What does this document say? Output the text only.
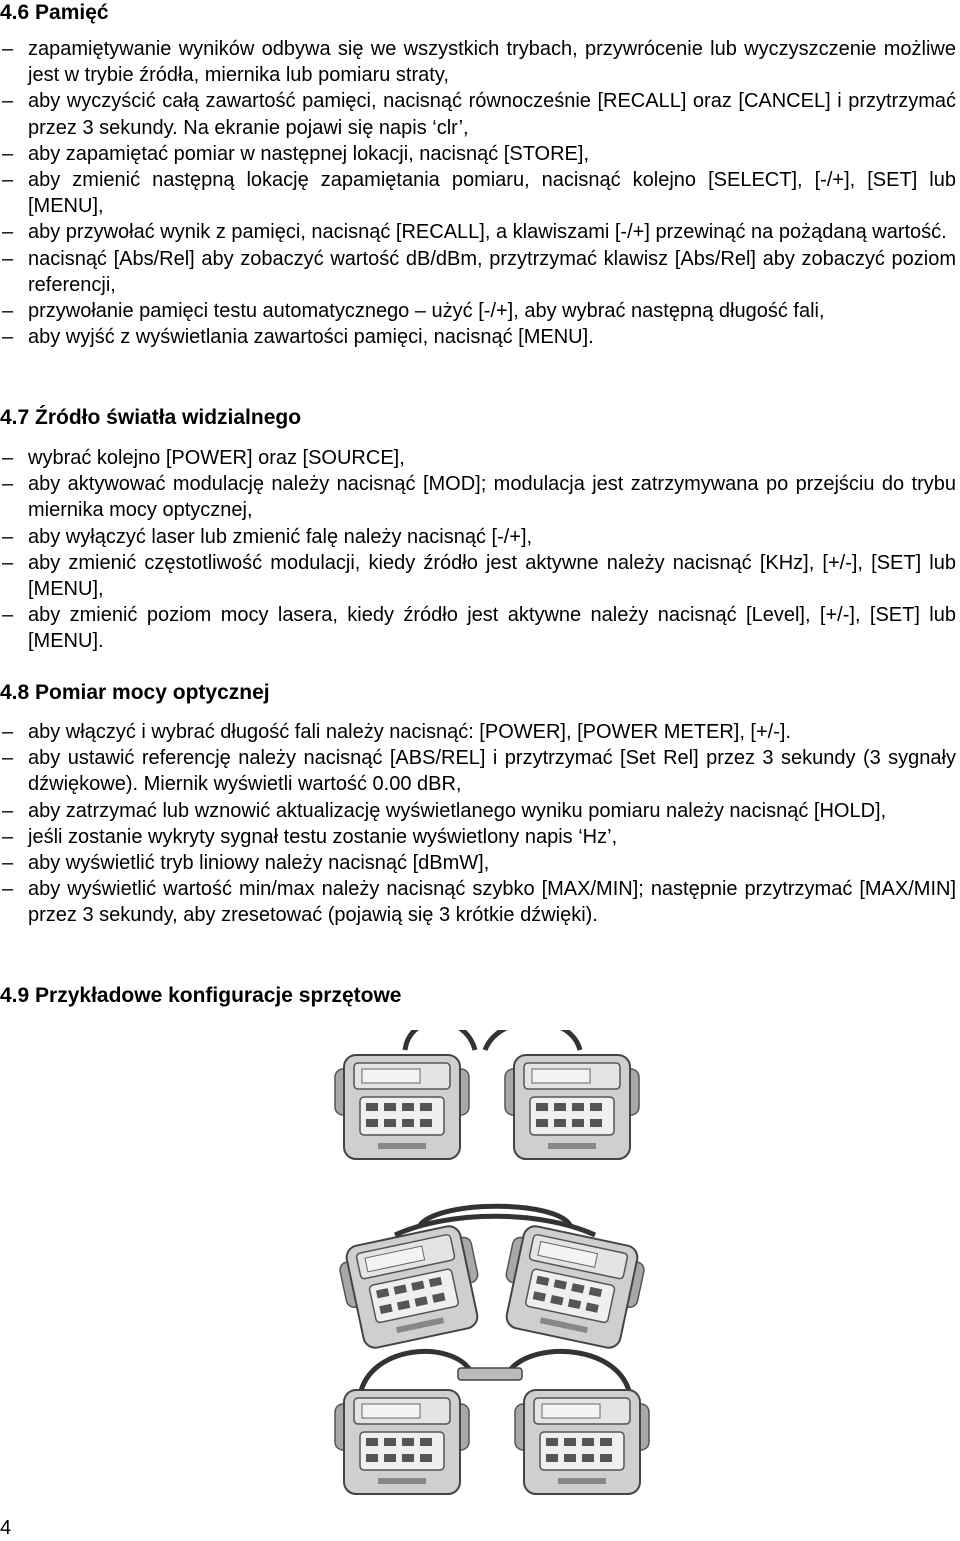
4.6 Pamięć
– zapamiętywanie wyników odbywa się we wszystkich trybach, przywrócenie lub wyczyszczenie możliwe jest w trybie źródła, miernika lub pomiaru straty,
– aby wyczyścić całą zawartość pamięci, nacisnąć równocześnie [RECALL] oraz [CANCEL] i przytrzymać przez 3 sekundy. Na ekranie pojawi się napis ‘clr’,
– aby zapamiętać pomiar w następnej lokacji, nacisnąć [STORE],
– aby zmienić następną lokację zapamiętania pomiaru, nacisnąć kolejno [SELECT], [-/+], [SET] lub [MENU],
– aby przywołać wynik z pamięci, nacisnąć [RECALL], a klawiszami [-/+] przewinąć na pożądaną wartość.
– nacisnąć [Abs/Rel] aby zobaczyć wartość dB/dBm, przytrzymać klawisz [Abs/Rel] aby zobaczyć poziom referencji,
– przywołanie pamięci testu automatycznego – użyć [-/+], aby wybrać następną długość fali,
– aby wyjść z wyświetlania zawartości pamięci, nacisnąć [MENU].
4.7 Źródło światła widzialnego
– wybrać kolejno [POWER] oraz [SOURCE],
– aby aktywować modulację należy nacisnąć [MOD]; modulacja jest zatrzymywana po przejściu do trybu miernika mocy optycznej,
– aby wyłączyć laser lub zmienić falę należy nacisnąć [-/+],
– aby zmienić częstotliwość modulacji, kiedy źródło jest aktywne należy nacisnąć [KHz], [+/-], [SET] lub [MENU],
– aby zmienić poziom mocy lasera, kiedy źródło jest aktywne należy nacisnąć [Level], [+/-], [SET] lub [MENU].
4.8 Pomiar mocy optycznej
– aby włączyć i wybrać długość fali należy nacisnąć: [POWER], [POWER METER], [+/-].
– aby ustawić referencję należy nacisnąć [ABS/REL] i przytrzymać [Set Rel] przez 3 sekundy (3 sygnały dźwiękowe). Miernik wyświetli wartość 0.00 dBR,
– aby zatrzymać lub wznowić aktualizację wyświetlanego wyniku pomiaru należy nacisnąć [HOLD],
– jeśli zostanie wykryty sygnał testu zostanie wyświetlony napis ‘Hz’,
– aby wyświetlić tryb liniowy należy nacisnąć [dBmW],
– aby wyświetlić wartość min/max należy nacisnąć szybko [MAX/MIN]; następnie przytrzymać [MAX/MIN] przez 3 sekundy, aby zresetować (pojawią się 3 krótkie dźwięki).
4.9 Przykładowe konfiguracje sprzętowe
4
